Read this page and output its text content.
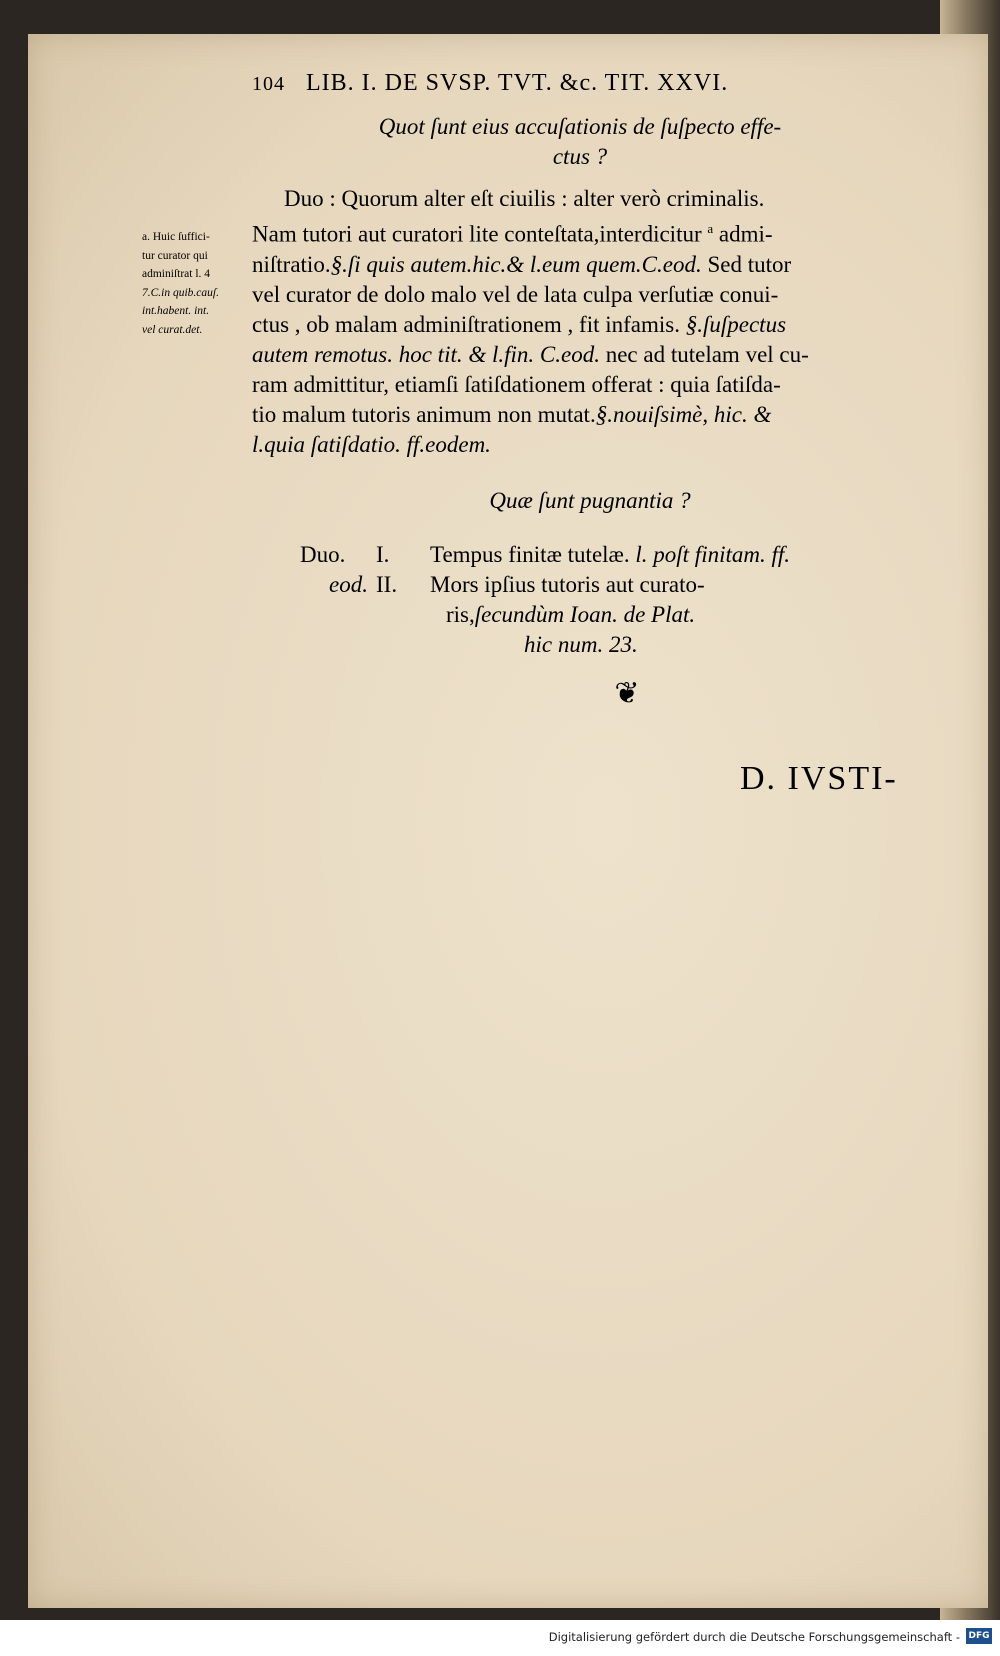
104 LIB. I. DE SVSP. TVT. &c. TIT. XXVI.
Quot ſunt eius accuſationis de ſuſpecto effe-
ctus ?
Duo : Quorum alter eſt ciuilis : alter verò criminalis.
Nam tutori aut curatori lite conteſtata,interdicitur $^a$ admi-
niſtratio.§.ſi quis autem.hic.& l.eum quem.C.eod. Sed tutor
vel curator de dolo malo vel de lata culpa verſutiæ conui-
ctus , ob malam adminiſtrationem , fit infamis. §.ſuſpectus
autem remotus. hoc tit. & l.fin. C.eod. nec ad tutelam vel cu-
ram admittitur, etiamſi ſatiſdationem offerat : quia ſatiſda-
tio malum tutoris animum non mutat.§.nouiſsimè, hic. &
l.quia ſatiſdatio. ff.eodem.
a. Huic ſuffici-
tur curator qui
adminiſtrat l. 4
7.C.in quib.cauſ.
int.habent. int.
vel curat.det.
Quæ ſunt pugnantia ?
Duo. I. Tempus finitæ tutelæ. l. poſt finitam. ff.
eod. II. Mors ipſius tutoris aut curato-
ris,ſecundùm Ioan. de Plat.
hic num. 23.
❦
D. IVSTI-
Digitalisierung gefördert durch die Deutsche Forschungsgemeinschaft - DFG
